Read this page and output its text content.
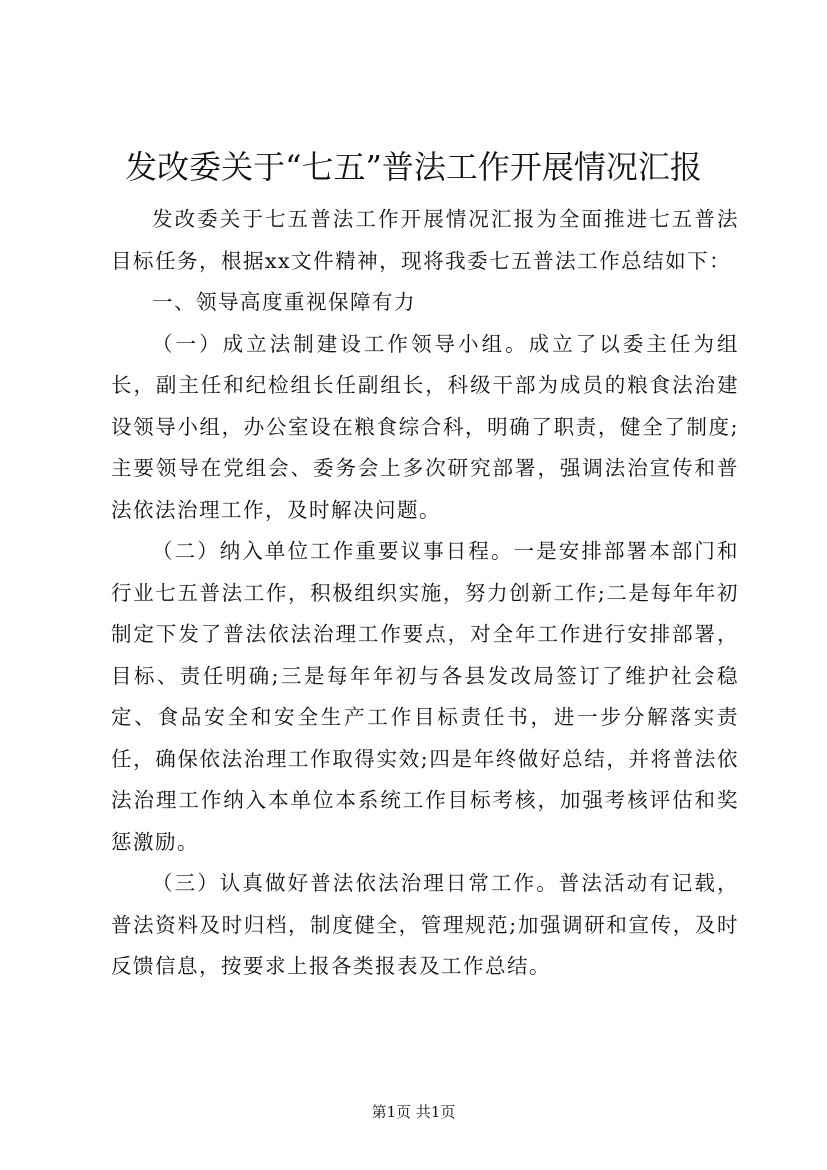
发改委关于“七五”普法工作开展情况汇报

发改委关于七五普法工作开展情况汇报为全面推进七五普法目标任务，根据xx文件精神，现将我委七五普法工作总结如下：

一、领导高度重视保障有力

（一）成立法制建设工作领导小组。成立了以委主任为组长，副主任和纪检组长任副组长，科级干部为成员的粮食法治建设领导小组，办公室设在粮食综合科，明确了职责，健全了制度;主要领导在党组会、委务会上多次研究部署，强调法治宣传和普法依法治理工作，及时解决问题。

（二）纳入单位工作重要议事日程。一是安排部署本部门和行业七五普法工作，积极组织实施，努力创新工作;二是每年年初制定下发了普法依法治理工作要点，对全年工作进行安排部署，目标、责任明确;三是每年年初与各县发改局签订了维护社会稳定、食品安全和安全生产工作目标责任书，进一步分解落实责任，确保依法治理工作取得实效;四是年终做好总结，并将普法依法治理工作纳入本单位本系统工作目标考核，加强考核评估和奖惩激励。

（三）认真做好普法依法治理日常工作。普法活动有记载，普法资料及时归档，制度健全，管理规范;加强调研和宣传，及时反馈信息，按要求上报各类报表及工作总结。

第1页 共1页
